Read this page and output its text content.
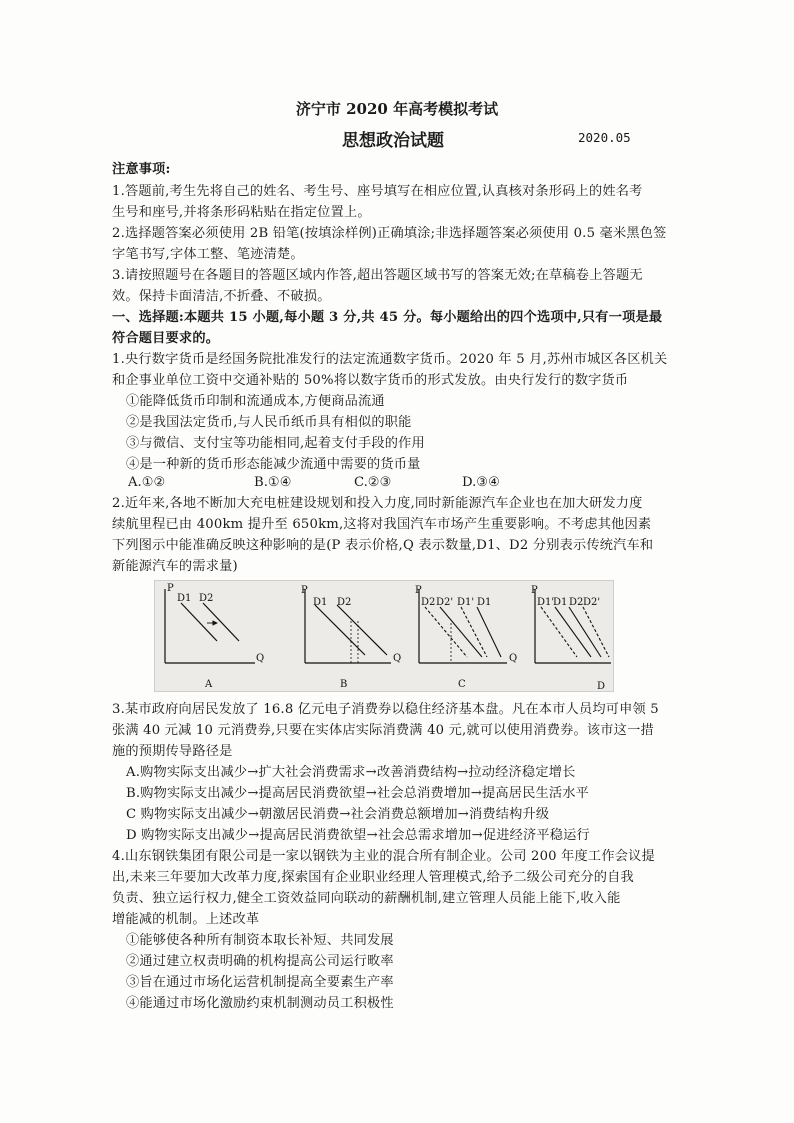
济宁市 2020 年高考模拟考试
思想政治试题	2020.05
注意事项:
1.答题前,考生先将自己的姓名、考生号、座号填写在相应位置,认真核对条形码上的姓名考
生号和座号,并将条形码粘贴在指定位置上。
2.选择题答案必须使用 2B 铅笔(按填涂样例)正确填涂;非选择题答案必须使用 0.5 毫米黑色签
字笔书写,字体工整、笔迹清楚。
3.请按照题号在各题目的答题区域内作答,超出答题区域书写的答案无效;在草稿卷上答题无
效。保持卡面清洁,不折叠、不破损。
一、选择题:本题共 15 小题,每小题 3 分,共 45 分。每小题给出的四个选项中,只有一项是最
符合题目要求的。
1.央行数字货币是经国务院批准发行的法定流通数字货币。2020 年 5 月,苏州市城区各区机关
和企事业单位工资中交通补贴的 50%将以数字货币的形式发放。由央行发行的数字货币
①能降低货币印制和流通成本,方便商品流通
②是我国法定货币,与人民币纸币具有相似的职能
③与微信、支付宝等功能相同,起着支付手段的作用
④是一种新的货币形态能减少流通中需要的货币量
A.①②	B.①④	C.②③	D.③④
2.近年来,各地不断加大充电桩建设规划和投入力度,同时新能源汽车企业也在加大研发力度
续航里程已由 400km 提升至 650km,这将对我国汽车市场产生重要影响。不考虑其他因素
下列图示中能准确反映这种影响的是(P 表示价格,Q 表示数量,D1、D2 分别表示传统汽车和
新能源汽车的需求量)
P
Q
D1 D2
A
P
Q
D1 D2
B
P
Q
D2 D2' D1' D1
C
P
D1'
D1 D2 D2'
D
3.某市政府向居民发放了 16.8 亿元电子消费券以稳住经济基本盘。凡在本市人员均可申领 5
张满 40 元减 10 元消费券,只要在实体店实际消费满 40 元,就可以使用消费券。该市这一措
施的预期传导路径是
A.购物实际支出减少→扩大社会消费需求→改善消费结构→拉动经济稳定增长
B.购物实际支出减少→提高居民消费欲望→社会总消费增加→提高居民生活水平
C 购物实际支出减少→朝激居民消费→社会消费总额增加→消费结构升级
D 购物实际支出减少→提高居民消费欲望→社会总需求增加→促进经济平稳运行
4.山东钢铁集团有限公司是一家以钢铁为主业的混合所有制企业。公司 200 年度工作会议提
出,未来三年要加大改革力度,探索国有企业职业经理人管理模式,给予二级公司充分的自我
负责、独立运行权力,健全工资效益同向联动的薪酬机制,建立管理人员能上能下,收入能
增能减的机制。上述改革
①能够使各种所有制资本取长补短、共同发展
②通过建立权责明确的机构提高公司运行畋率
③旨在通过市场化运营机制提高全要素生产率
④能通过市场化激励约束机制测动员工积极性
